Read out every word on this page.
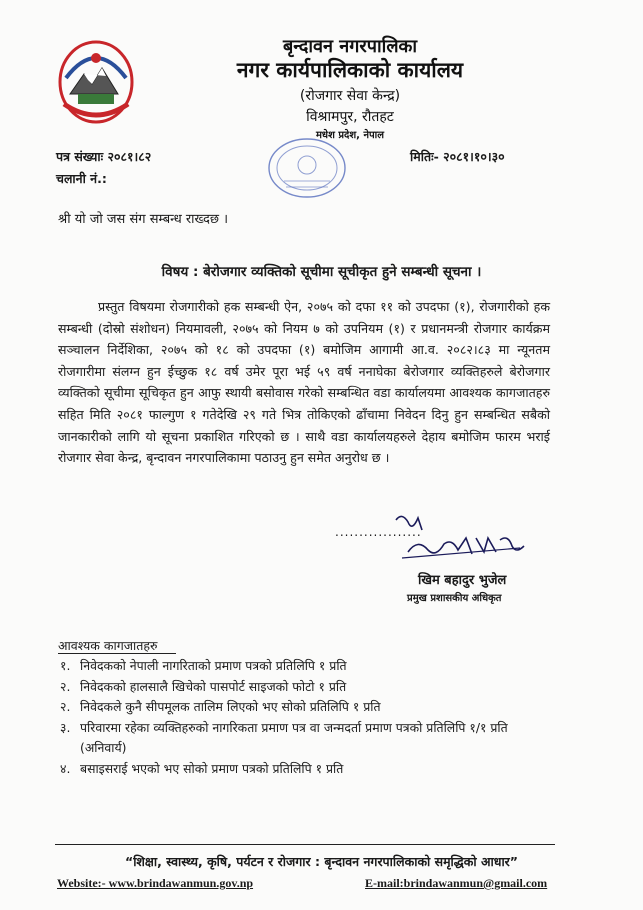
बृन्दावन नगरपालिका
नगर कार्यपालिकाको कार्यालय
(रोजगार सेवा केन्द्र)
विश्रामपुर, रौतहट
मधेश प्रदेश, नेपाल
पत्र संख्याः २०८१।८२
चलानी नं.:
मितिः- २०८१।१०।३०
श्री यो जो जस संग सम्बन्ध राख्दछ ।
विषय : बेरोजगार व्यक्तिको सूचीमा सूचीकृत हुने सम्बन्धी सूचना ।
प्रस्तुत विषयमा रोजगारीको हक सम्बन्धी ऐन, २०७५ को दफा ११ को उपदफा (१), रोजगारीको हक सम्बन्धी (दोस्रो संशोधन) नियमावली, २०७५ को नियम ७ को उपनियम (१) र प्रधानमन्त्री रोजगार कार्यक्रम सञ्चालन निर्देशिका, २०७५ को १८ को उपदफा (१) बमोजिम आगामी आ.व. २०८२।८३ मा न्यूनतम रोजगारीमा संलग्न हुन ईच्छुक १८ वर्ष उमेर पूरा भई ५९ वर्ष ननाघेका बेरोजगार व्यक्तिहरुले बेरोजगार व्यक्तिको सूचीमा सूचिकृत हुन आफु स्थायी बसोवास गरेको सम्बन्धित वडा कार्यालयमा आवश्यक कागजातहरु सहित मिति २०८१ फाल्गुण १ गतेदेखि २९ गते भित्र तोकिएको ढाँचामा निवेदन दिनु हुन सम्बन्धित सबैको जानकारीको लागि यो सूचना प्रकाशित गरिएको छ । साथै वडा कार्यालयहरुले देहाय बमोजिम फारम भराई रोजगार सेवा केन्द्र, बृन्दावन नगरपालिकामा पठाउनु हुन समेत अनुरोध छ ।
..................
खिम बहादुर भुजेल
प्रमुख प्रशासकीय अधिकृत
आवश्यक कागजातहरु
१. निवेदकको नेपाली नागरिताको प्रमाण पत्रको प्रतिलिपि १ प्रति
२. निवेदकको हालसालै खिचेको पासपोर्ट साइजको फोटो १ प्रति
२. निवेदकले कुनै सीपमूलक तालिम लिएको भए सोको प्रतिलिपि १ प्रति
३. परिवारमा रहेका व्यक्तिहरुको नागरिकता प्रमाण पत्र वा जन्मदर्ता प्रमाण पत्रको प्रतिलिपि १/१ प्रति (अनिवार्य)
४. बसाइसराई भएको भए सोको प्रमाण पत्रको प्रतिलिपि १ प्रति
“शिक्षा, स्वास्थ्य, कृषि, पर्यटन र रोजगार : बृन्दावन नगरपालिकाको समृद्धिको आधार”
Website:- www.brindawanmun.gov.np	E-mail:brindawanmun@gmail.com
